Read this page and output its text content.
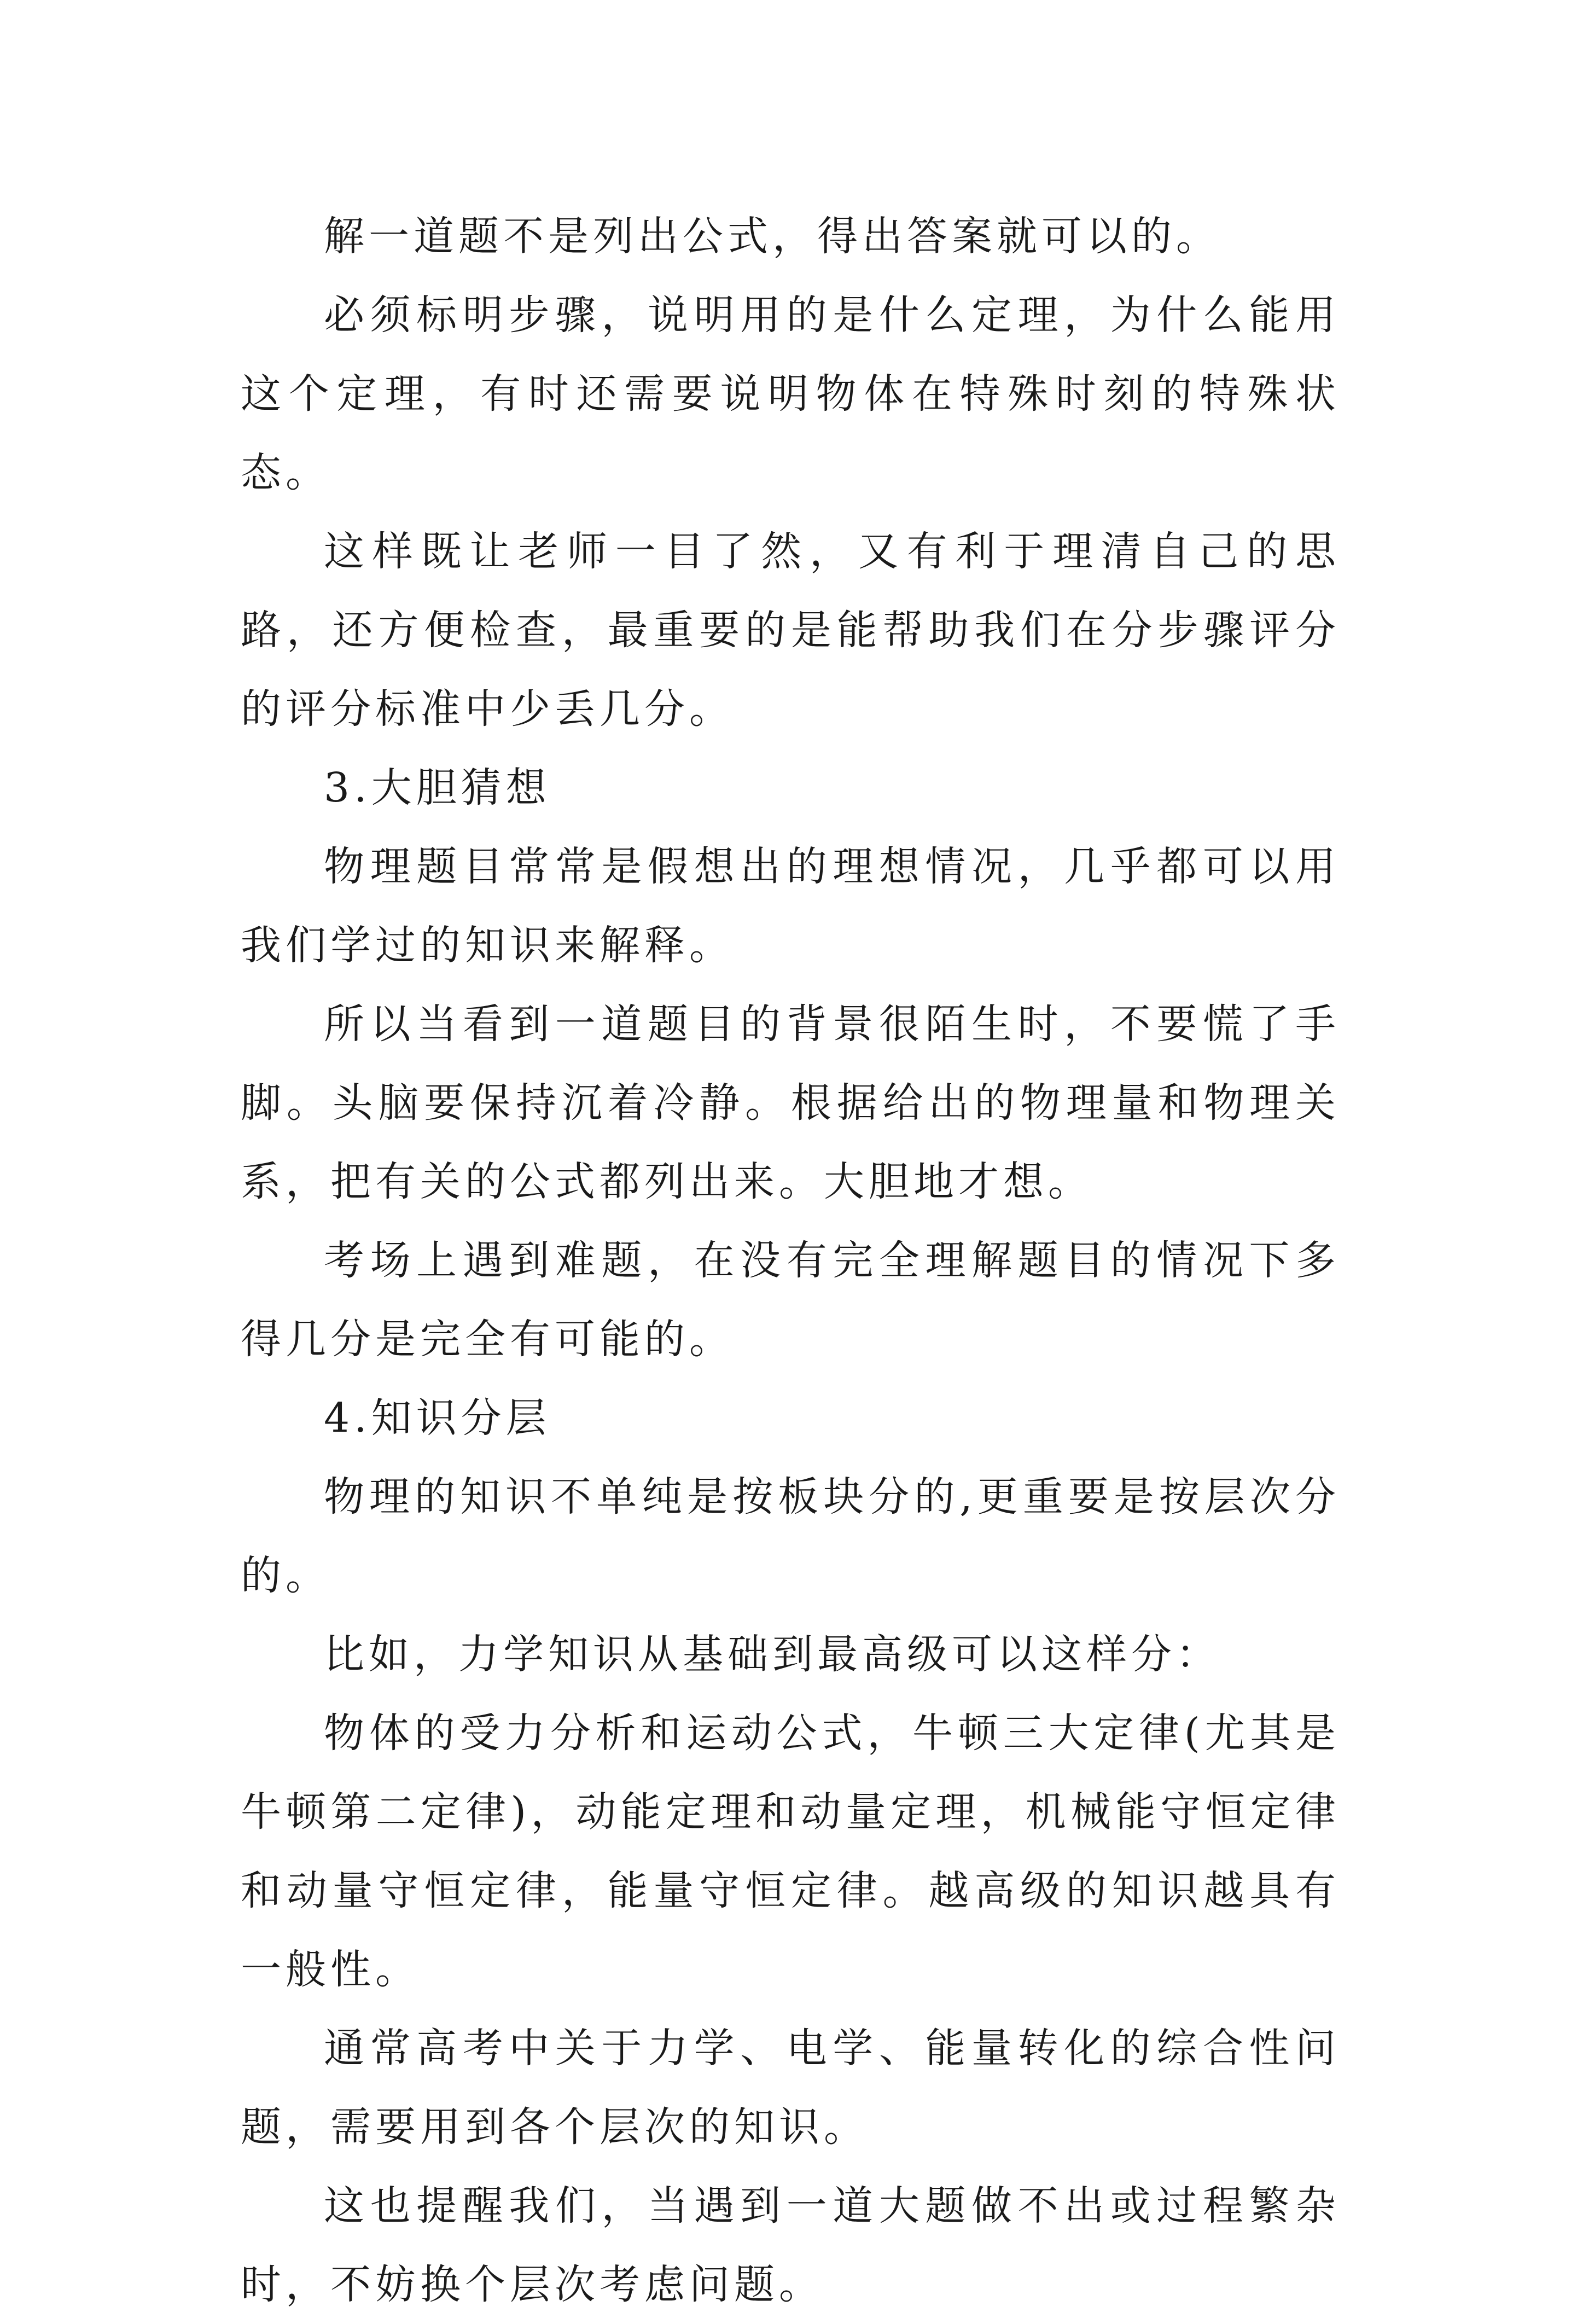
解一道题不是列出公式，得出答案就可以的。

必须标明步骤，说明用的是什么定理，为什么能用这个定理，有时还需要说明物体在特殊时刻的特殊状态。

这样既让老师一目了然，又有利于理清自己的思路，还方便检查，最重要的是能帮助我们在分步骤评分的评分标准中少丢几分。

3.大胆猜想

物理题目常常是假想出的理想情况，几乎都可以用我们学过的知识来解释。

所以当看到一道题目的背景很陌生时，不要慌了手脚。头脑要保持沉着冷静。根据给出的物理量和物理关系，把有关的公式都列出来。大胆地才想。

考场上遇到难题，在没有完全理解题目的情况下多得几分是完全有可能的。

4.知识分层

物理的知识不单纯是按板块分的,更重要是按层次分的。

比如，力学知识从基础到最高级可以这样分：

物体的受力分析和运动公式，牛顿三大定律(尤其是牛顿第二定律)，动能定理和动量定理，机械能守恒定律和动量守恒定律，能量守恒定律。越高级的知识越具有一般性。

通常高考中关于力学、电学、能量转化的综合性问题，需要用到各个层次的知识。

这也提醒我们，当遇到一道大题做不出或过程繁杂时，不妨换个层次考虑问题。
